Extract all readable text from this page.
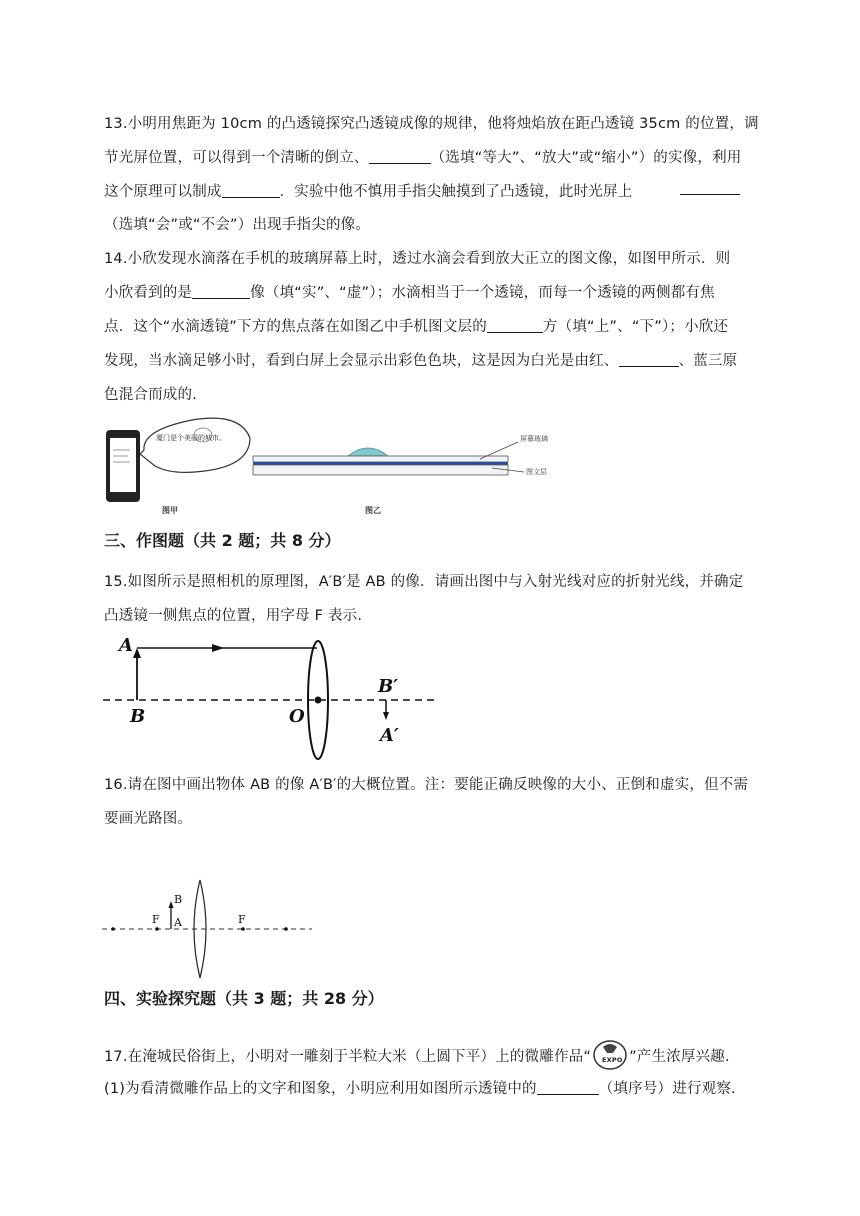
13.小明用焦距为 10cm 的凸透镜探究凸透镜成像的规律，他将烛焰放在距凸透镜 35cm 的位置，调
节光屏位置，可以得到一个清晰的倒立、	（选填“等大”、“放大”或“缩小”）的实像，利用
这个原理可以制成	．实验中他不慎用手指尖触摸到了凸透镜，此时光屏上
（选填“会”或“不会”）出现手指尖的像。
14.小欣发现水滴落在手机的玻璃屏幕上时，透过水滴会看到放大正立的图文像，如图甲所示．则
小欣看到的是	像（填“实”、“虚”）；水滴相当于一个透镜，而每一个透镜的两侧都有焦
点．这个“水滴透镜”下方的焦点落在如图乙中手机图文层的	方（填“上”、“下”）；小欣还
发现，当水滴足够小时，看到白屏上会显示出彩色色块，这是因为白光是由红、	、蓝三原
色混合而成的.
厦门是个美丽的城市。
图甲
屏幕玻璃
图文层
图乙
三、作图题（共 2 题；共 8 分）
15.如图所示是照相机的原理图，A′B′是 AB 的像．请画出图中与入射光线对应的折射光线，并确定
凸透镜一侧焦点的位置，用字母 F 表示.
A
B	O
B′
A′
16.请在图中画出物体 AB 的像 A′B′的大概位置。注：要能正确反映像的大小、正倒和虚实，但不需
要画光路图。
B
A
F	F
四、实验探究题（共 3 题；共 28 分）
17.在淹城民俗街上，小明对一雕刻于半粒大米（上圆下平）上的微雕作品“ EXPO ”产生浓厚兴趣.
(1)为看清微雕作品上的文字和图象，小明应利用如图所示透镜中的	（填序号）进行观察.
